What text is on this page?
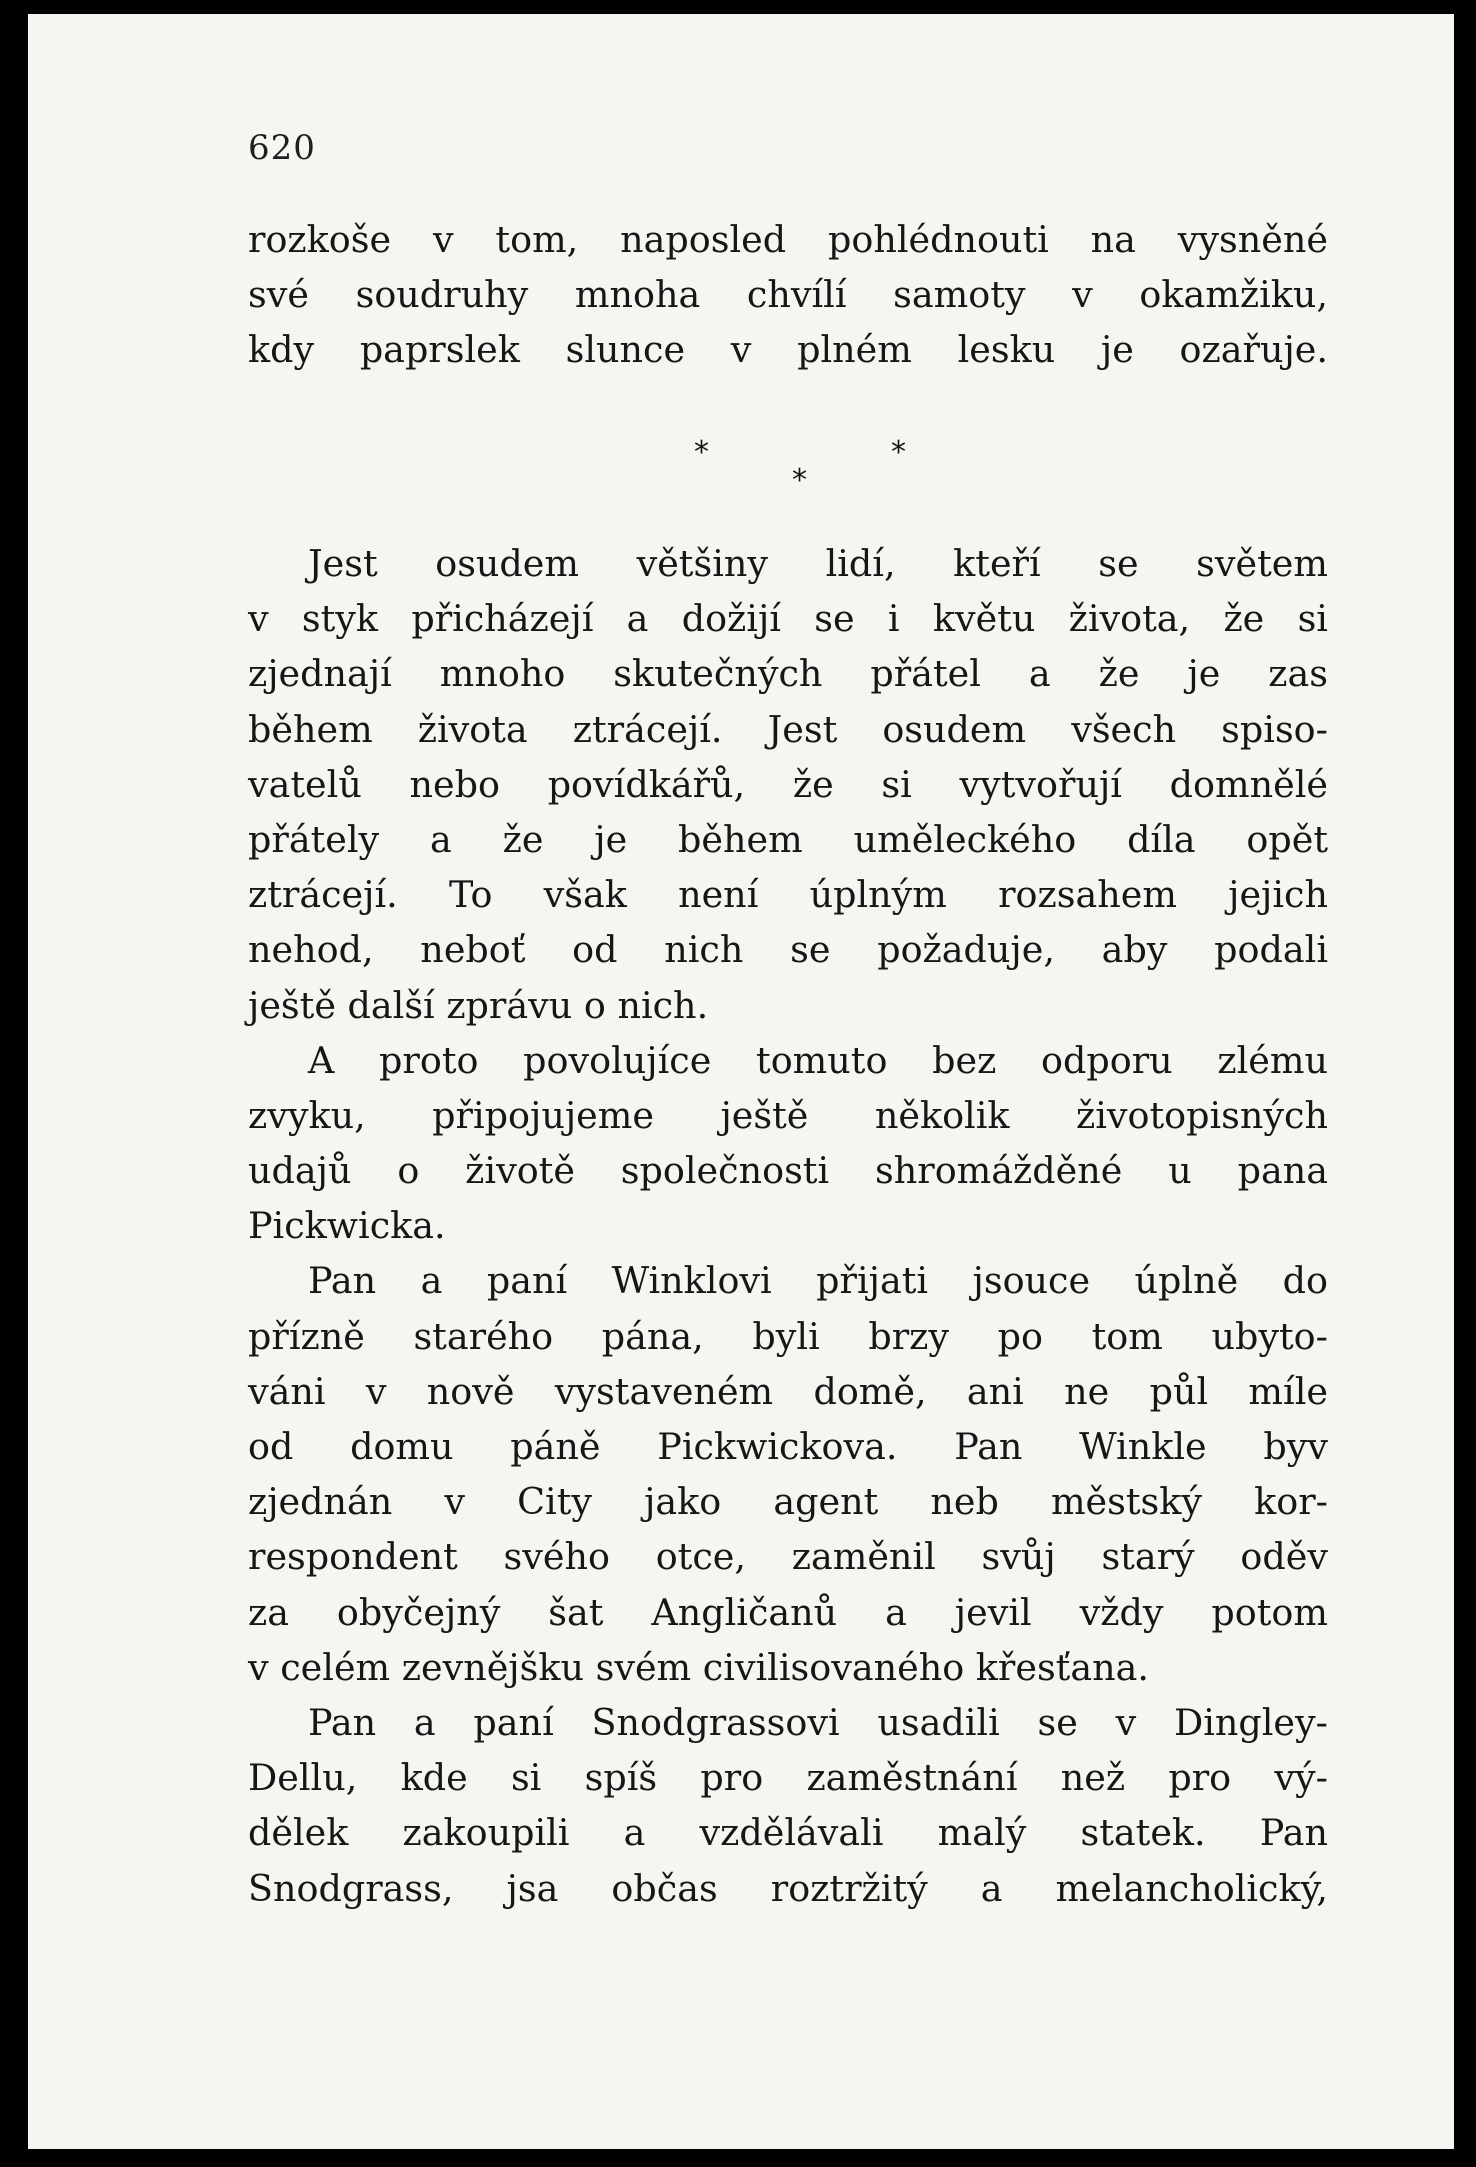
620
rozkoše v tom, naposled pohlédnouti na vysněné
své soudruhy mnoha chvílí samoty v okamžiku,
kdy paprslek slunce v plném lesku je ozařuje.
*	*
*
Jest osudem většiny lidí, kteří se světem
v styk přicházejí a dožijí se i květu života, že si
zjednají mnoho skutečných přátel a že je zas
během života ztrácejí. Jest osudem všech spiso-
vatelů nebo povídkářů, že si vytvořují domnělé
přátely a že je během uměleckého díla opět
ztrácejí. To však není úplným rozsahem jejich
nehod, neboť od nich se požaduje, aby podali
ještě další zprávu o nich.
A proto povolujíce tomuto bez odporu zlému
zvyku, připojujeme ještě několik životopisných
udajů o životě společnosti shromážděné u pana
Pickwicka.
Pan a paní Winklovi přijati jsouce úplně do
přízně starého pána, byli brzy po tom ubyto-
váni v nově vystaveném domě, ani ne půl míle
od domu páně Pickwickova. Pan Winkle byv
zjednán v City jako agent neb městský kor-
respondent svého otce, zaměnil svůj starý oděv
za obyčejný šat Angličanů a jevil vždy potom
v celém zevnějšku svém civilisovaného křesťana.
Pan a paní Snodgrassovi usadili se v Dingley-
Dellu, kde si spíš pro zaměstnání než pro vý-
dělek zakoupili a vzdělávali malý statek. Pan
Snodgrass, jsa občas roztržitý a melancholický,
